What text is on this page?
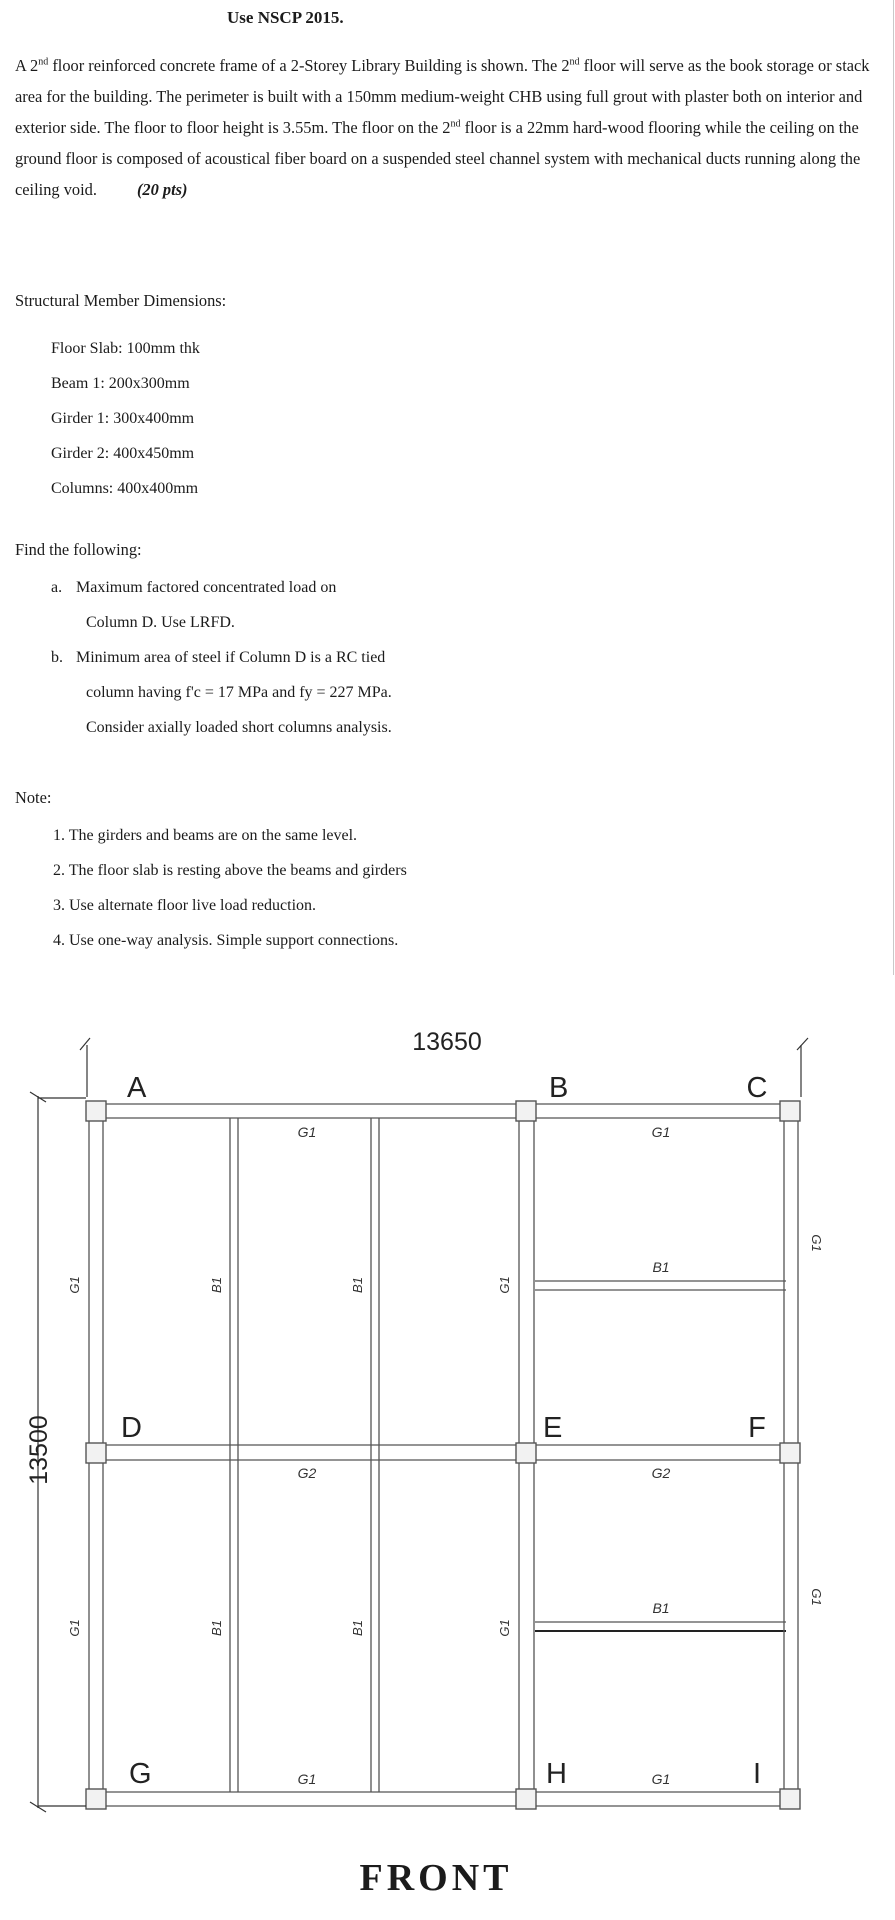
Use NSCP 2015.
A 2nd floor reinforced concrete frame of a 2-Storey Library Building is shown. The 2nd floor will serve as the book storage or stack area for the building. The perimeter is built with a 150mm medium-weight CHB using full grout with plaster both on interior and exterior side. The floor to floor height is 3.55m. The floor on the 2nd floor is a 22mm hard-wood flooring while the ceiling on the ground floor is composed of acoustical fiber board on a suspended steel channel system with mechanical ducts running along the ceiling void. (20 pts)
Structural Member Dimensions:
Floor Slab: 100mm thk
Beam 1: 200x300mm
Girder 1: 300x400mm
Girder 2: 400x450mm
Columns: 400x400mm
Find the following:
a. Maximum factored concentrated load on
Column D. Use LRFD.
b. Minimum area of steel if Column D is a RC tied
column having f'c = 17 MPa and fy = 227 MPa.
Consider axially loaded short columns analysis.
Note:
1. The girders and beams are on the same level.
2. The floor slab is resting above the beams and girders
3. Use alternate floor live load reduction.
4. Use one-way analysis. Simple support connections.
13650
13500
A	B	C
D	E	F
G	H	I
G1	G1
G2	G2
G1	G1
B1
B1
G1
G1
B1
B1
B1
B1
G1
G1
G1
G1
FRONT
